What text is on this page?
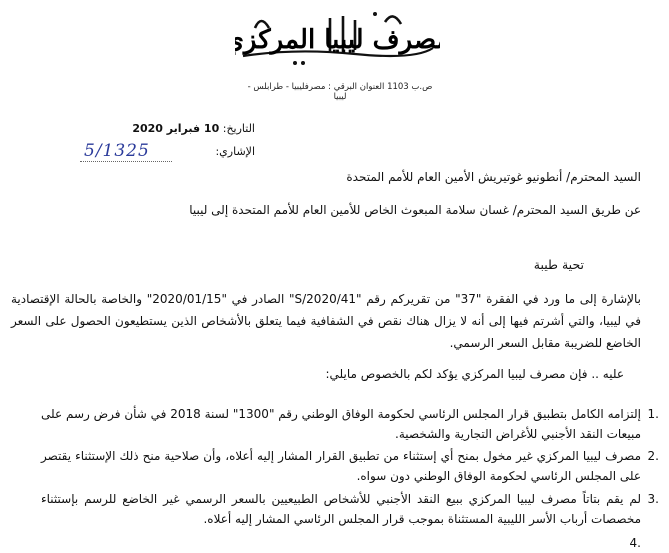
مصرف ليبيا المركزي
ص.ب 1103 العنوان البرقي : مصرفليبيا - طرابلس - ليبيا
التاريخ: 10 فبراير 2020
الإشاري:
5/1325
السيد المحترم/ أنطونيو غوتيريش الأمين العام للأمم المتحدة
عن طريق السيد المحترم/ غسان سلامة المبعوث الخاص للأمين العام للأمم المتحدة إلى ليبيا
تحية طيبة
بالإشارة إلى ما ورد في الفقرة "37" من تقريركم رقم "S/2020/41" الصادر في "2020/01/15" والخاصة بالحالة الإقتصادية في ليبيا، والتي أشرتم فيها إلى أنه لا يزال هناك نقص في الشفافية فيما يتعلق بالأشخاص الذين يستطيعون الحصول على السعر الخاضع للضريبة مقابل السعر الرسمي.
عليه .. فإن مصرف ليبيا المركزي يؤكد لكم بالخصوص مايلي:
.1
إلتزامه الكامل بتطبيق قرار المجلس الرئاسي لحكومة الوفاق الوطني رقم "1300" لسنة 2018 في شأن فرض رسم على مبيعات النقد الأجنبي للأغراض التجارية والشخصية.
.2
مصرف ليبيا المركزي غير مخول بمنح أي إستثناء من تطبيق القرار المشار إليه أعلاه، وأن صلاحية منح ذلك الإستثناء يقتصر على المجلس الرئاسي لحكومة الوفاق الوطني دون سواه.
.3
لم يقم بتاتاً مصرف ليبيا المركزي ببيع النقد الأجنبي للأشخاص الطبيعيين بالسعر الرسمي غير الخاضع للرسم بإستثناء مخصصات أرباب الأسر الليبية المستثناة بموجب قرار المجلس الرئاسي المشار إليه أعلاه.
.4
